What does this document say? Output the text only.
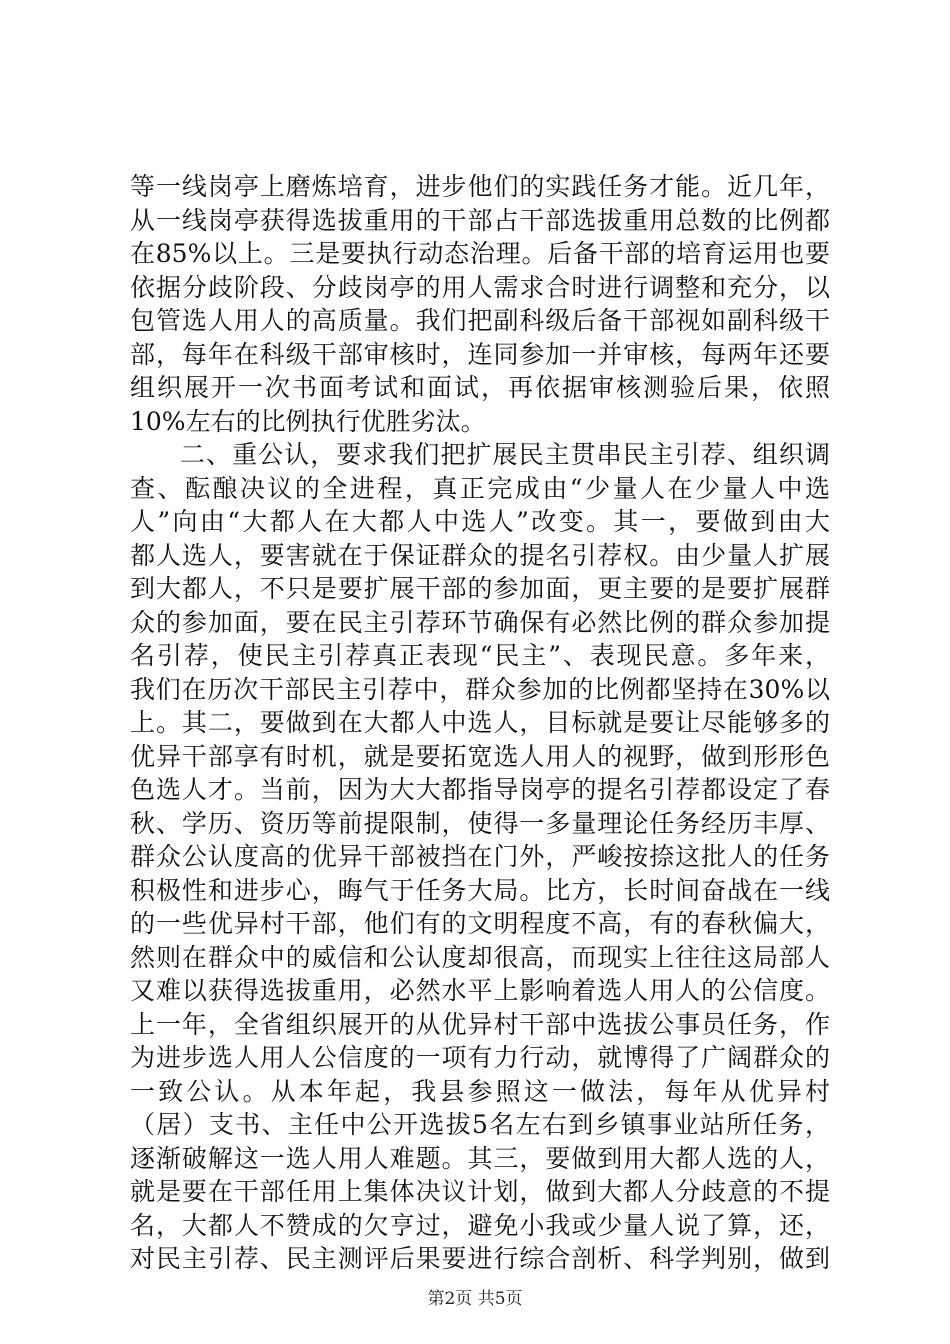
等一线岗亭上磨炼培育，进步他们的实践任务才能。近几年，
从一线岗亭获得选拔重用的干部占干部选拔重用总数的比例都
在85%以上。三是要执行动态治理。后备干部的培育运用也要
依据分歧阶段、分歧岗亭的用人需求合时进行调整和充分，以
包管选人用人的高质量。我们把副科级后备干部视如副科级干
部，每年在科级干部审核时，连同参加一并审核，每两年还要
组织展开一次书面考试和面试，再依据审核测验后果，依照
10%左右的比例执行优胜劣汰。
二、重公认，要求我们把扩展民主贯串民主引荐、组织调
查、酝酿决议的全进程，真正完成由“少量人在少量人中选
人”向由“大都人在大都人中选人”改变。其一，要做到由大
都人选人，要害就在于保证群众的提名引荐权。由少量人扩展
到大都人，不只是要扩展干部的参加面，更主要的是要扩展群
众的参加面，要在民主引荐环节确保有必然比例的群众参加提
名引荐，使民主引荐真正表现“民主”、表现民意。多年来，
我们在历次干部民主引荐中，群众参加的比例都坚持在30%以
上。其二，要做到在大都人中选人，目标就是要让尽能够多的
优异干部享有时机，就是要拓宽选人用人的视野，做到形形色
色选人才。当前，因为大大都指导岗亭的提名引荐都设定了春
秋、学历、资历等前提限制，使得一多量理论任务经历丰厚、
群众公认度高的优异干部被挡在门外，严峻按捺这批人的任务
积极性和进步心，晦气于任务大局。比方，长时间奋战在一线
的一些优异村干部，他们有的文明程度不高，有的春秋偏大，
然则在群众中的威信和公认度却很高，而现实上往往这局部人
又难以获得选拔重用，必然水平上影响着选人用人的公信度。
上一年，全省组织展开的从优异村干部中选拔公事员任务，作
为进步选人用人公信度的一项有力行动，就博得了广阔群众的
一致公认。从本年起，我县参照这一做法，每年从优异村
（居）支书、主任中公开选拔5名左右到乡镇事业站所任务，
逐渐破解这一选人用人难题。其三，要做到用大都人选的人，
就是要在干部任用上集体决议计划，做到大都人分歧意的不提
名，大都人不赞成的欠亨过，避免小我或少量人说了算，还，
对民主引荐、民主测评后果要进行综合剖析、科学判别，做到
第2页 共5页
